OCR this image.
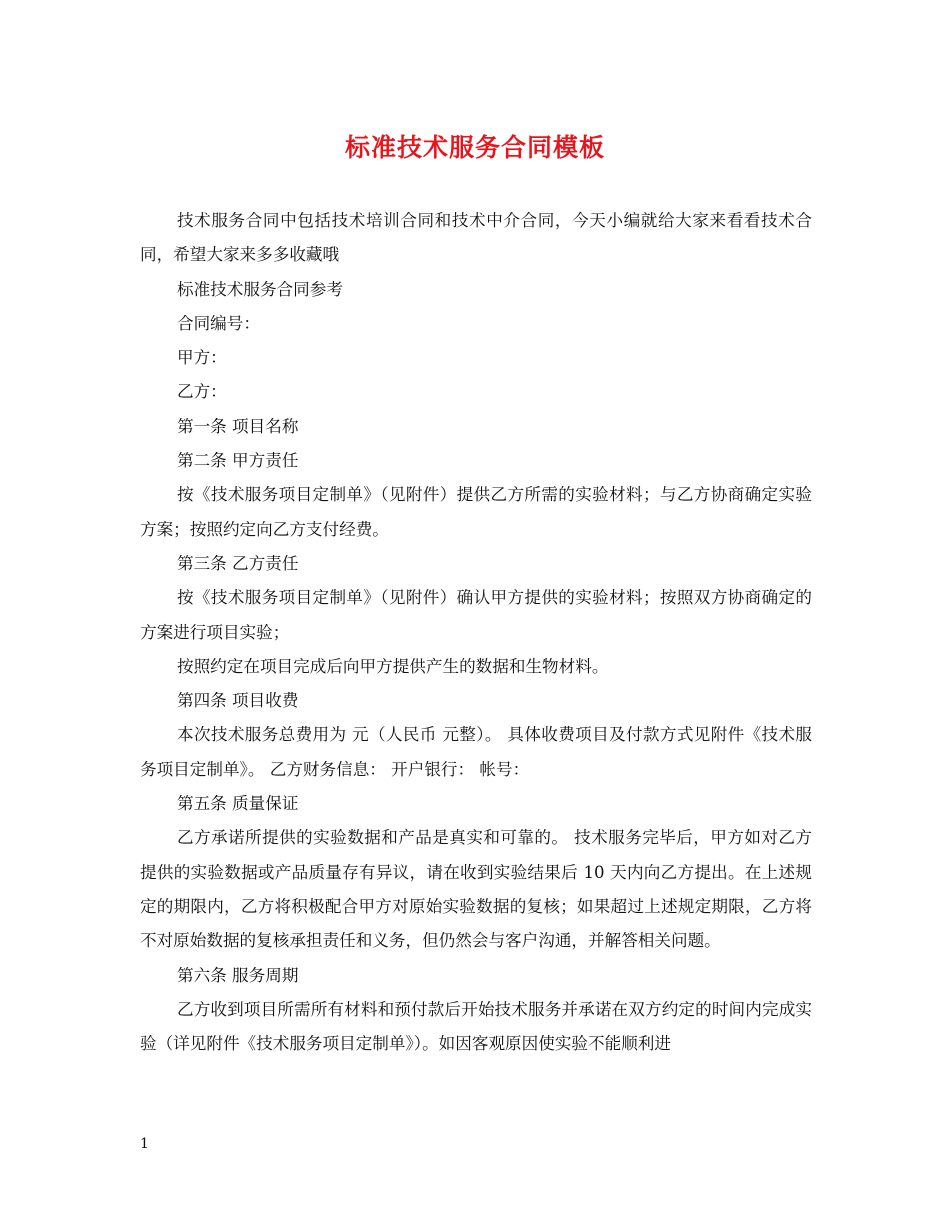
标准技术服务合同模板

技术服务合同中包括技术培训合同和技术中介合同，今天小编就给大家来看看技术合同，希望大家来多多收藏哦

标准技术服务合同参考

合同编号：

甲方：

乙方：

第一条 项目名称

第二条 甲方责任

按《技术服务项目定制单》（见附件）提供乙方所需的实验材料；与乙方协商确定实验方案；按照约定向乙方支付经费。

第三条 乙方责任

按《技术服务项目定制单》（见附件）确认甲方提供的实验材料；按照双方协商确定的方案进行项目实验；

按照约定在项目完成后向甲方提供产生的数据和生物材料。

第四条 项目收费

本次技术服务总费用为 元（人民币 元整）。 具体收费项目及付款方式见附件《技术服务项目定制单》。 乙方财务信息： 开户银行： 帐号：

第五条 质量保证

乙方承诺所提供的实验数据和产品是真实和可靠的。 技术服务完毕后，甲方如对乙方提供的实验数据或产品质量存有异议，请在收到实验结果后 10 天内向乙方提出。在上述规定的期限内，乙方将积极配合甲方对原始实验数据的复核；如果超过上述规定期限，乙方将不对原始数据的复核承担责任和义务，但仍然会与客户沟通，并解答相关问题。

第六条 服务周期

乙方收到项目所需所有材料和预付款后开始技术服务并承诺在双方约定的时间内完成实验（详见附件《技术服务项目定制单》）。如因客观原因使实验不能顺利进

1
